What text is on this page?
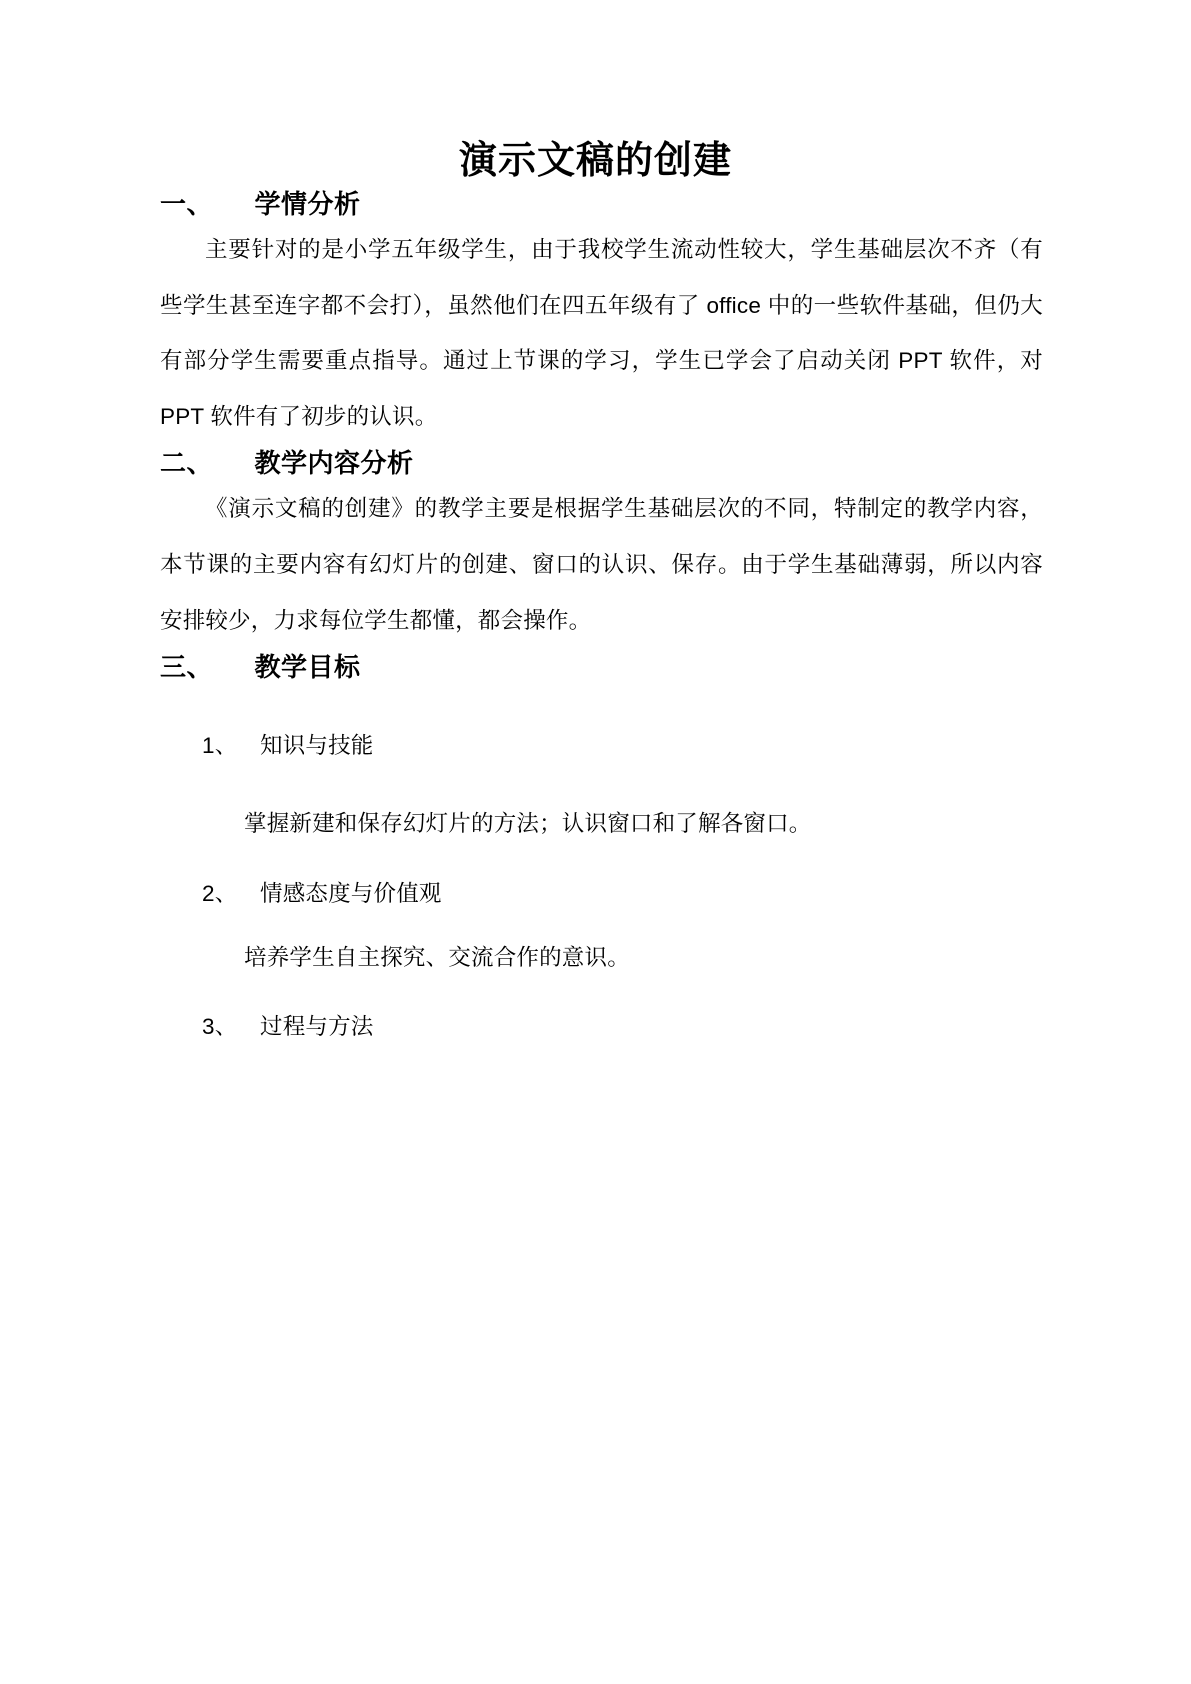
演示文稿的创建
一、 学情分析

主要针对的是小学五年级学生，由于我校学生流动性较大，学生基础层次不齐（有些学生甚至连字都不会打），虽然他们在四五年级有了 office 中的一些软件基础，但仍大有部分学生需要重点指导。通过上节课的学习，学生已学会了启动关闭 PPT 软件，对 PPT 软件有了初步的认识。

二、 教学内容分析

《演示文稿的创建》的教学主要是根据学生基础层次的不同，特制定的教学内容，本节课的主要内容有幻灯片的创建、窗口的认识、保存。由于学生基础薄弱，所以内容安排较少，力求每位学生都懂，都会操作。

三、 教学目标

1、 知识与技能

掌握新建和保存幻灯片的方法；认识窗口和了解各窗口。

2、 情感态度与价值观

培养学生自主探究、交流合作的意识。

3、 过程与方法
